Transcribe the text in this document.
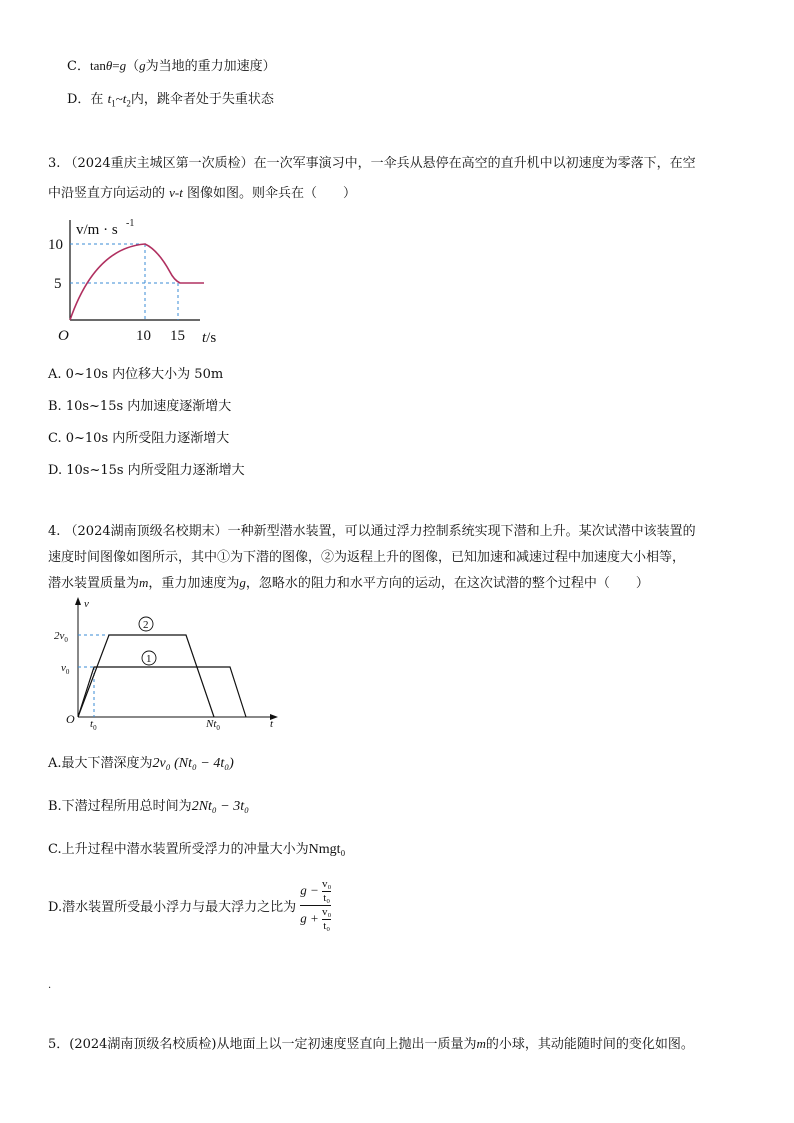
C．tanθ=g（g为当地的重力加速度）
D．在 $t_1\sim t_2$内，跳伞者处于失重状态
3. （2024重庆主城区第一次质检）在一次军事演习中，一伞兵从悬停在高空的直升机中以初速度为零落下，在空
中沿竖直方向运动的 v-t 图像如图。则伞兵在（　　）
v/m · s -1
10
5
O	10 15 t/s
A. 0~10s 内位移大小为 50m
B. 10s~15s 内加速度逐渐增大
C. 0~10s 内所受阻力逐渐增大
D. 10s~15s 内所受阻力逐渐增大
4. （2024湖南顶级名校期末）一种新型潜水装置，可以通过浮力控制系统实现下潜和上升。某次试潜中该装置的
速度时间图像如图所示，其中①为下潜的图像，②为返程上升的图像，已知加速和减速过程中加速度大小相等，
潜水装置质量为m，重力加速度为g，忽略水的阻力和水平方向的运动，在这次试潜的整个过程中（　　）
2
1
v
t
O
$2v_0$
$v_0$
$t_0$	$Nt_0$
A.最大下潜深度为2v₀ (Nt₀ − 4t₀)
B.下潜过程所用总时间为2Nt₀ − 3t₀
C.上升过程中潜水装置所受浮力的冲量大小为Nmgt₀
D.潜水装置所受最小浮力与最大浮力之比为 $\frac{g - \frac{\text{v₀}}{\text{t₀}}}{g + \frac{\text{v₀}}{\text{t₀}}}$
.
5．(2024湖南顶级名校质检)从地面上以一定初速度竖直向上抛出一质量为m的小球，其动能随时间的变化如图。
